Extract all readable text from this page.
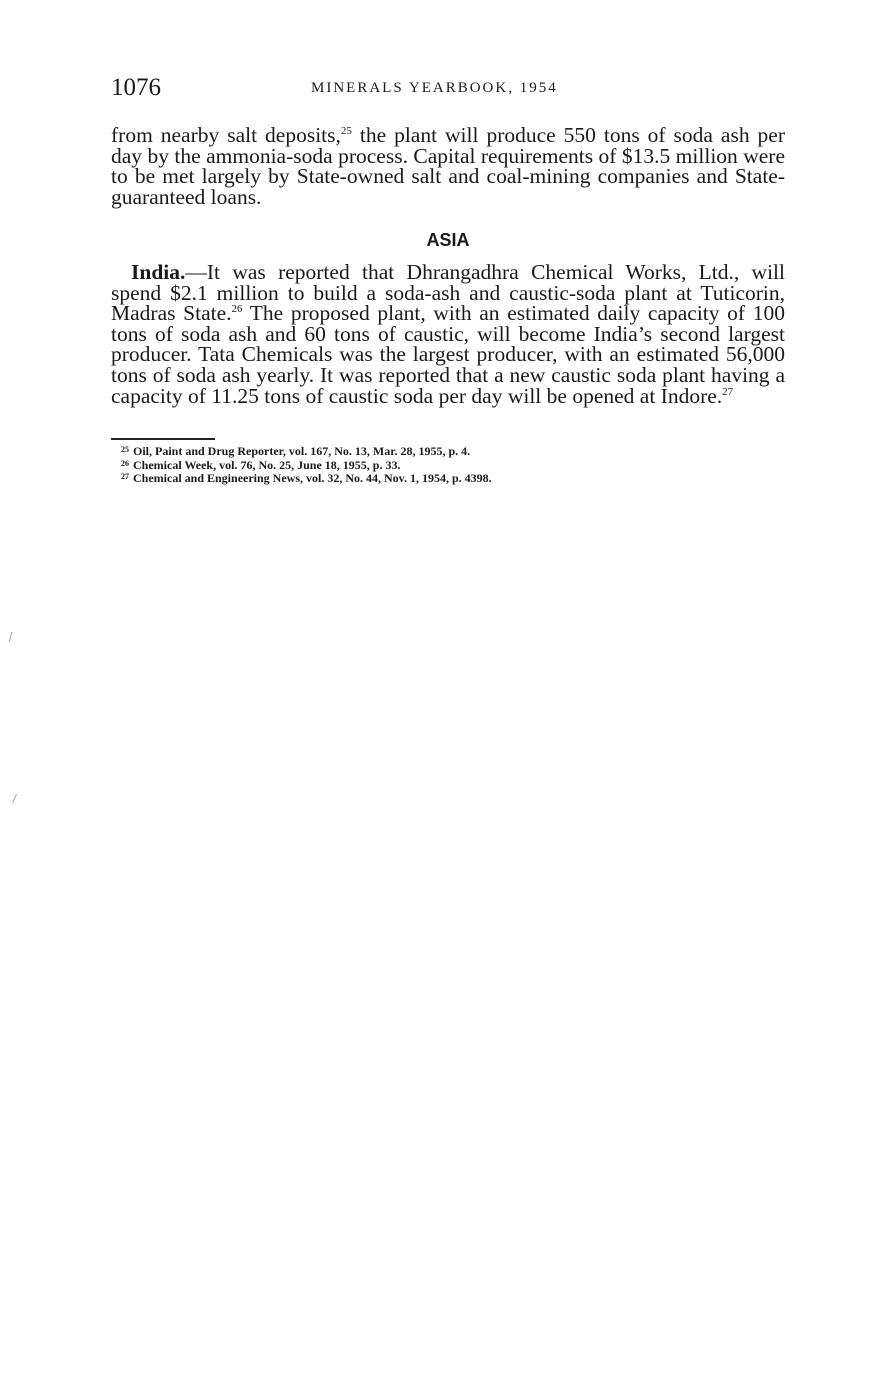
1076	MINERALS YEARBOOK, 1954
from nearby salt deposits,$^{25}$ the plant will produce 550 tons of soda ash per day by the ammonia-soda process. Capital requirements of $13.5 million were to be met largely by State-owned salt and coal-mining companies and State-guaranteed loans.
ASIA
India.—It was reported that Dhrangadhra Chemical Works, Ltd., will spend $2.1 million to build a soda-ash and caustic-soda plant at Tuticorin, Madras State.$^{26}$ The proposed plant, with an estimated daily capacity of 100 tons of soda ash and 60 tons of caustic, will become India’s second largest producer. Tata Chemicals was the largest producer, with an estimated 56,000 tons of soda ash yearly. It was reported that a new caustic soda plant having a capacity of 11.25 tons of caustic soda per day will be opened at Indore.$^{27}$
$^{25}$ Oil, Paint and Drug Reporter, vol. 167, No. 13, Mar. 28, 1955, p. 4.
$^{26}$ Chemical Week, vol. 76, No. 25, June 18, 1955, p. 33.
$^{27}$ Chemical and Engineering News, vol. 32, No. 44, Nov. 1, 1954, p. 4398.
